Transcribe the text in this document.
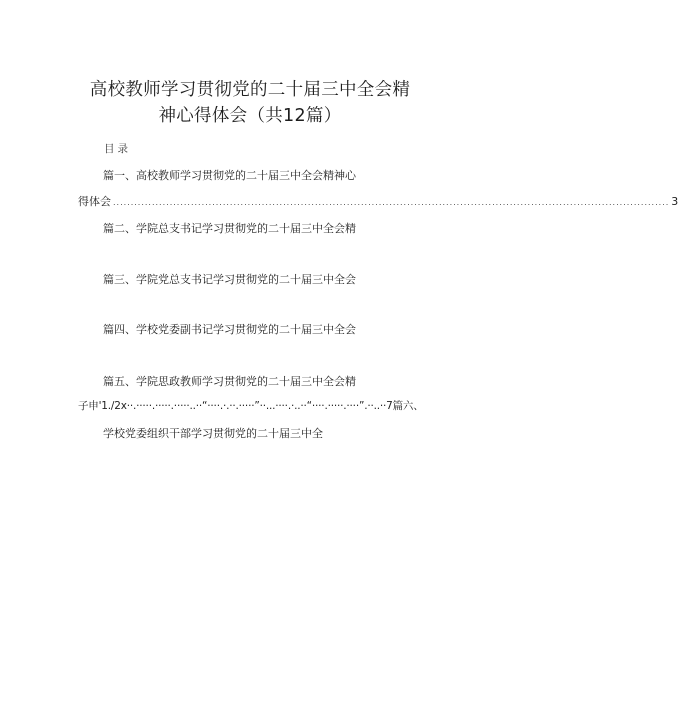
高校教师学习贯彻党的二十届三中全会精
神心得体会（共12篇）
目录
篇一、高校教师学习贯彻党的二十届三中全会精神心
得体会 ............................................................................................................................................................. 3
篇二、学院总支书记学习贯彻党的二十届三中全会精
篇三、学院党总支书记学习贯彻党的二十届三中全会
篇四、学校党委副书记学习贯彻党的二十届三中全会
篇五、学院思政教师学习贯彻党的二十届三中全会精
子申'1./2x··.·····.·····.·····..··“····.·.··.·····”··...····.·..··“····.·····.····”.··..··7篇六、
学校党委组织干部学习贯彻党的二十届三中全
